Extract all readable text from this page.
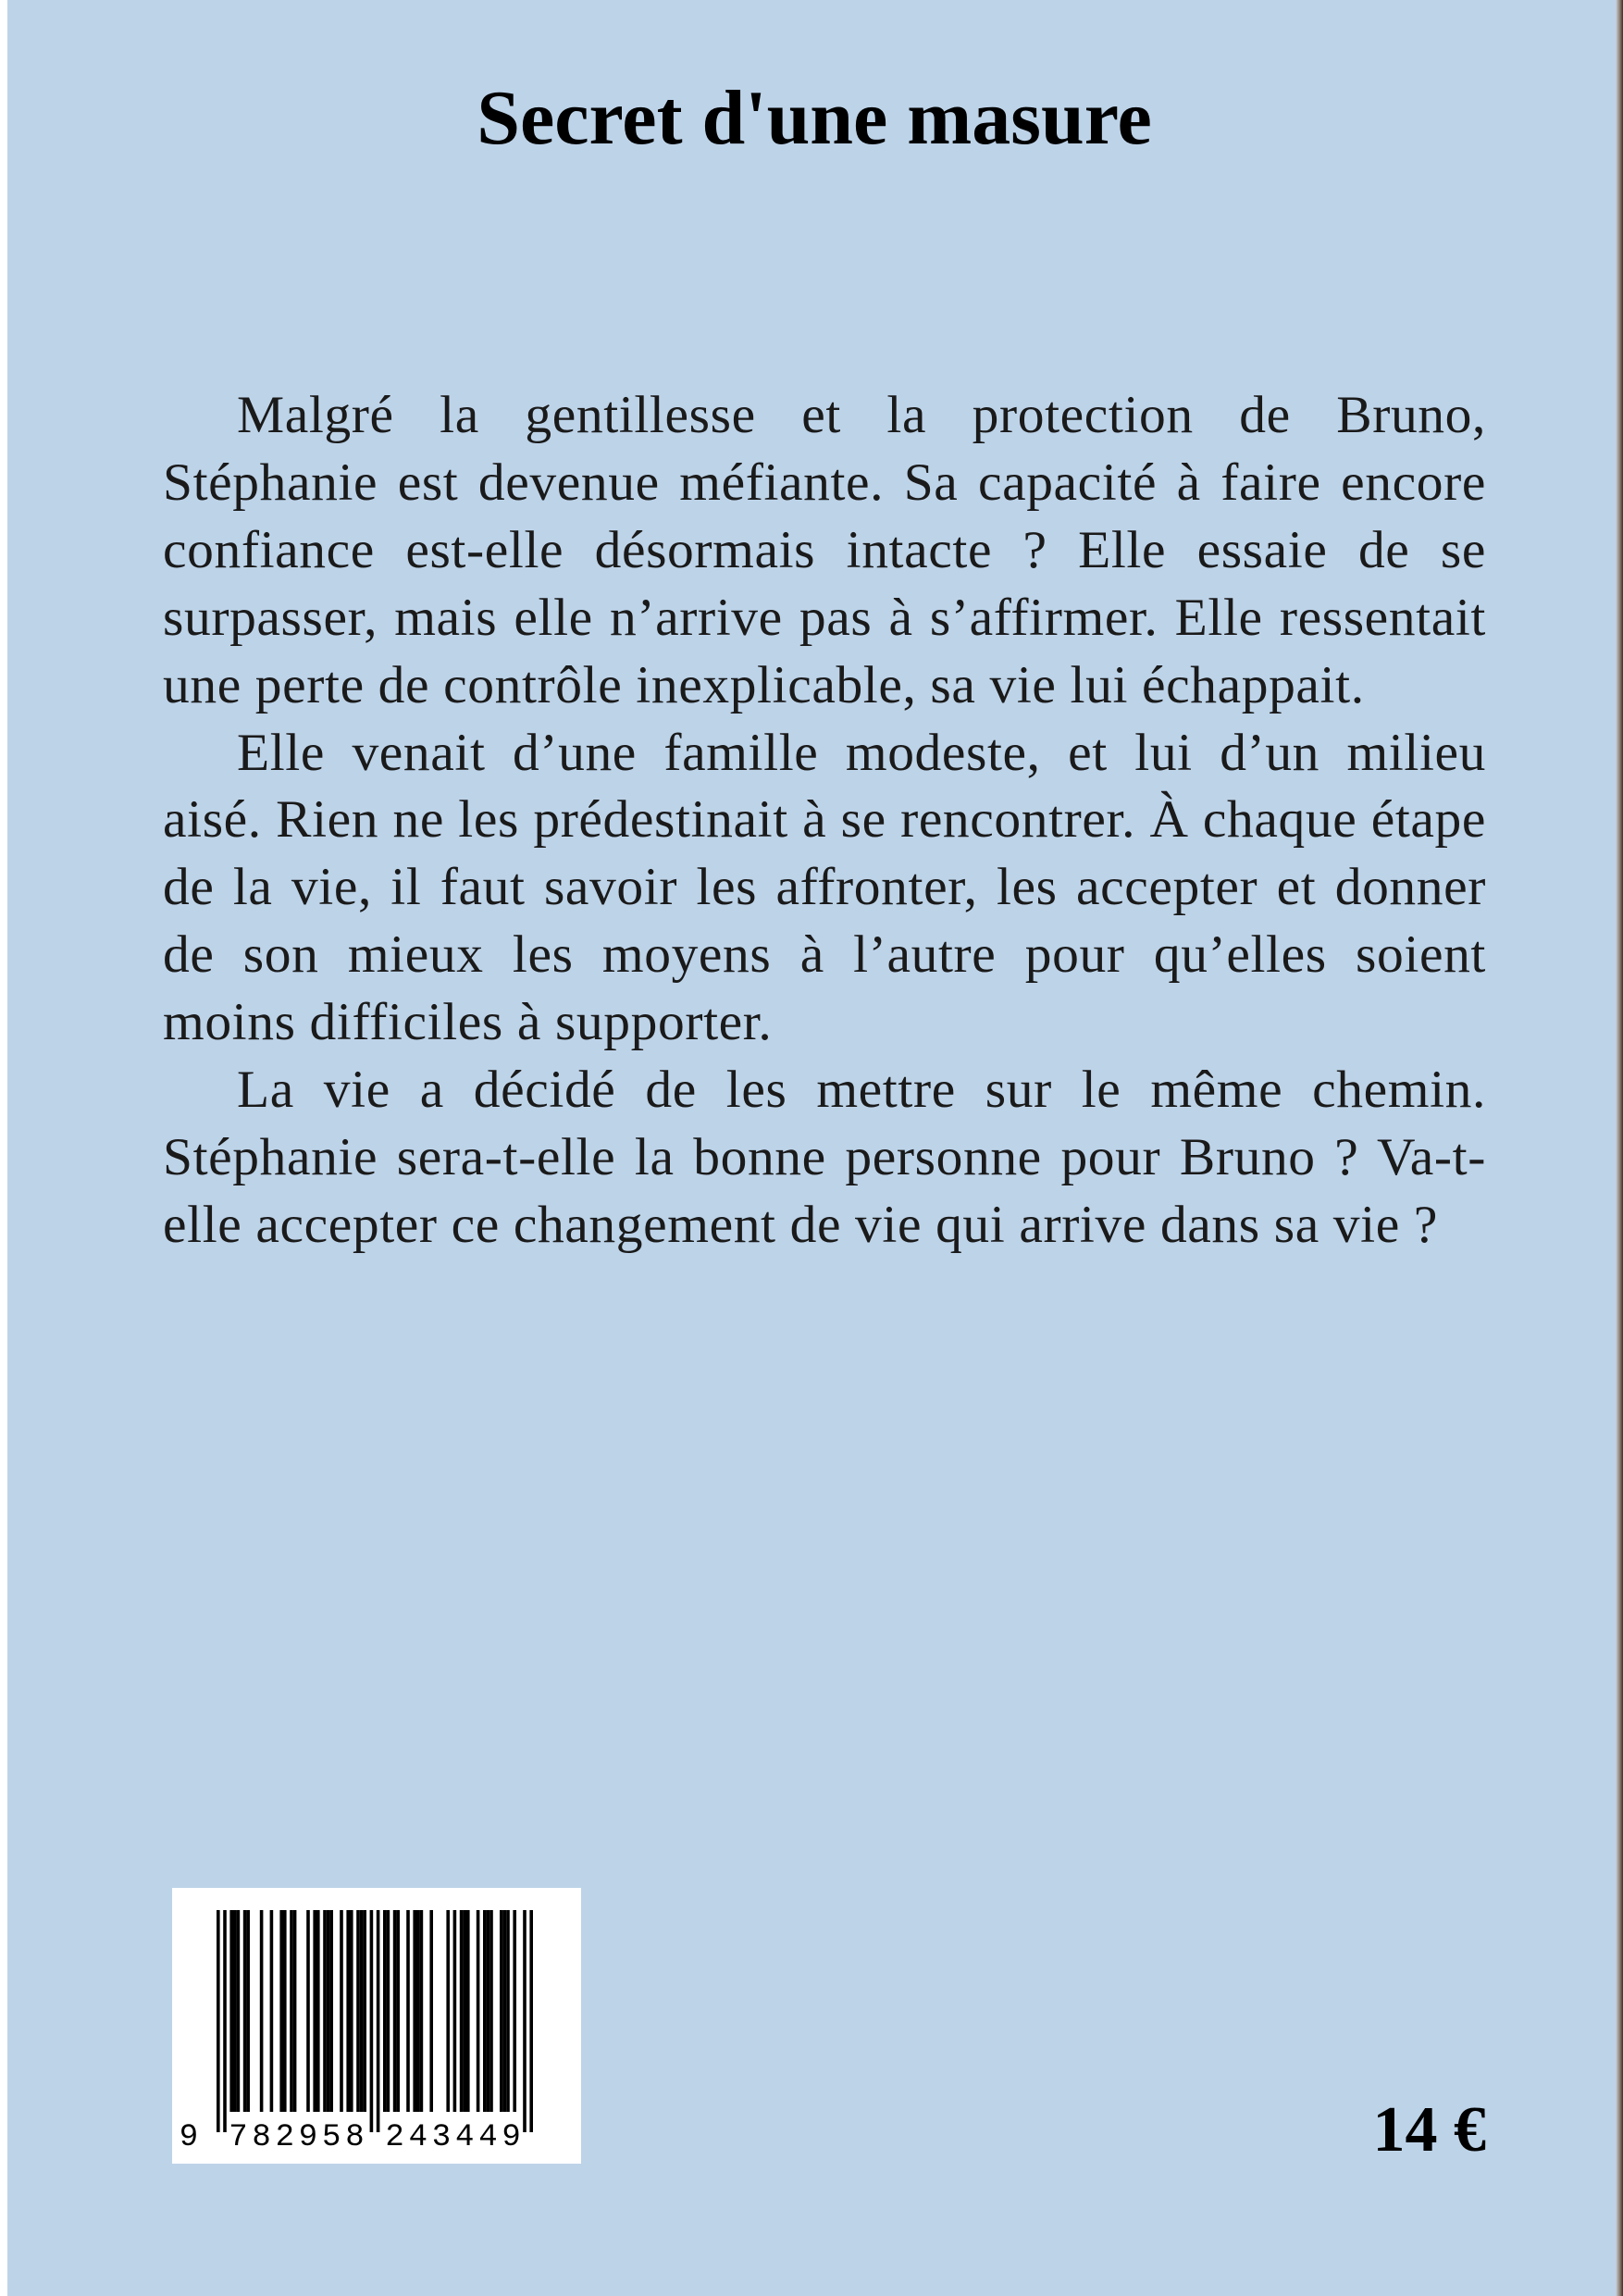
Secret d'une masure

Malgré la gentillesse et la protection de Bruno, Stéphanie est devenue méfiante. Sa capacité à faire encore confiance est-elle désormais intacte ? Elle essaie de se surpasser, mais elle n’arrive pas à s’affirmer. Elle ressentait une perte de contrôle inexplicable, sa vie lui échappait.

Elle venait d’une famille modeste, et lui d’un milieu aisé. Rien ne les prédestinait à se rencontrer. À chaque étape de la vie, il faut savoir les affronter, les accepter et donner de son mieux les moyens à l’autre pour qu’elles soient moins difficiles à supporter.

La vie a décidé de les mettre sur le même chemin. Stéphanie sera-t-elle la bonne personne pour Bruno ? Va-t-elle accepter ce changement de vie qui arrive dans sa vie ?

9 7 8 2 9 5 8 2 4 3 4 4 9	14 €
